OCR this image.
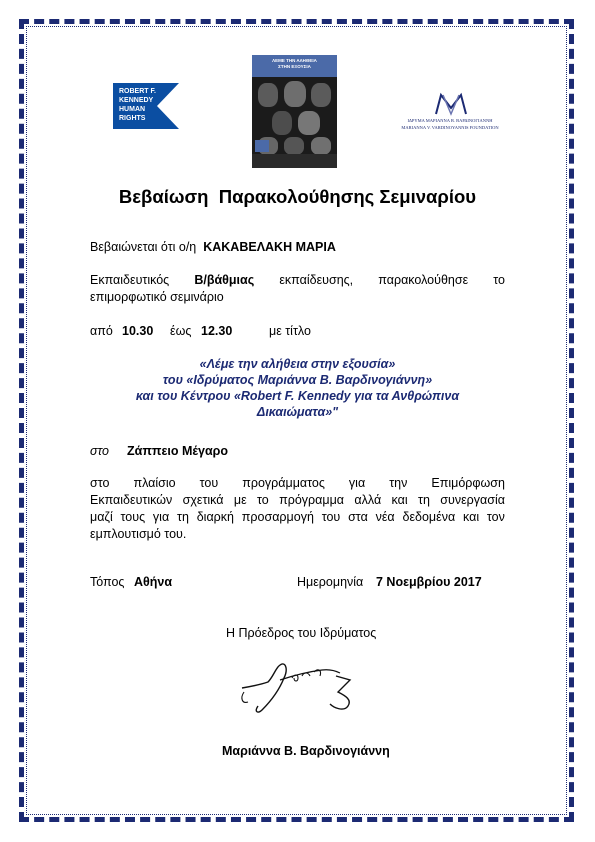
ROBERT F.
KENNEDY
HUMAN
RIGHTS
ΛΕΜΕ ΤΗΝ ΑΛΗΘΕΙΑ
ΣΤΗΝ ΕΞΟΥΣΙΑ
ΙΔΡΥΜΑ ΜΑΡΙΑΝΝΑ Β. ΒΑΡΔΙΝΟΓΙΑΝΝΗ
MARIANNA V. VARDINOYANNIS FOUNDATION
Βεβαίωση  Παρακολούθησης Σεμιναρίου
Βεβαιώνεται ότι ο/η ΚΑΚΑΒΕΛΑΚΗ ΜΑΡΙΑ
Εκπαιδευτικός Β/βάθμιας εκπαίδευσης, παρακολούθησε το
επιμορφωτικό σεμινάριο
από 10.30 έως 12.30	με τίτλο
«Λέμε την αλήθεια στην εξουσία»
του «Ιδρύματος Μαριάννα Β. Βαρδινογιάννη»
και του Κέντρου «Robert F. Kennedy για τα Ανθρώπινα
Δικαιώματα»"
στο Ζάππειο Μέγαρο
στο πλαίσιο του προγράμματος για την Επιμόρφωση
Εκπαιδευτικών σχετικά με το πρόγραμμα αλλά και τη συνεργασία
μαζί τους για τη διαρκή προσαρμογή του στα νέα δεδομένα και τον
εμπλουτισμό του.
Τόπος Αθήνα	Ημερομηνία 7 Νοεμβρίου 2017
Η Πρόεδρος του Ιδρύματος
Μαριάννα Β. Βαρδινογιάννη
